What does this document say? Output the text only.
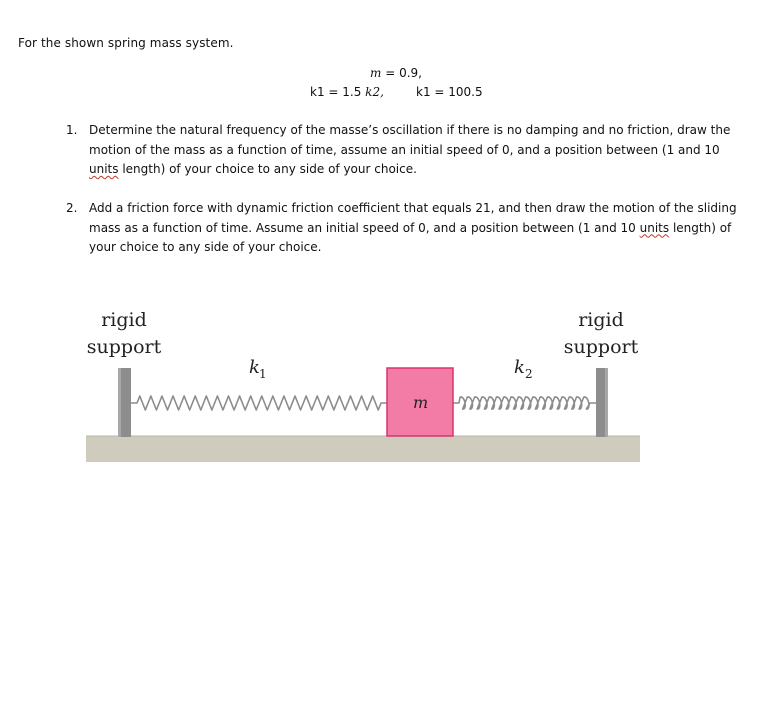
For the shown spring mass system.
m = 0.9,
k1 = 1.5 k2,	k1 = 100.5
1. Determine the natural frequency of the masse’s oscillation if there is no damping and no friction, draw the motion of the mass as a function of time, assume an initial speed of 0, and a position between (1 and 10 units length) of your choice to any side of your choice.
2. Add a friction force with dynamic friction coefficient that equals 21, and then draw the motion of the sliding mass as a function of time. Assume an initial speed of 0, and a position between (1 and 10 units length) of your choice to any side of your choice.
m
rigid
support
rigid
support
k 1	k 2
